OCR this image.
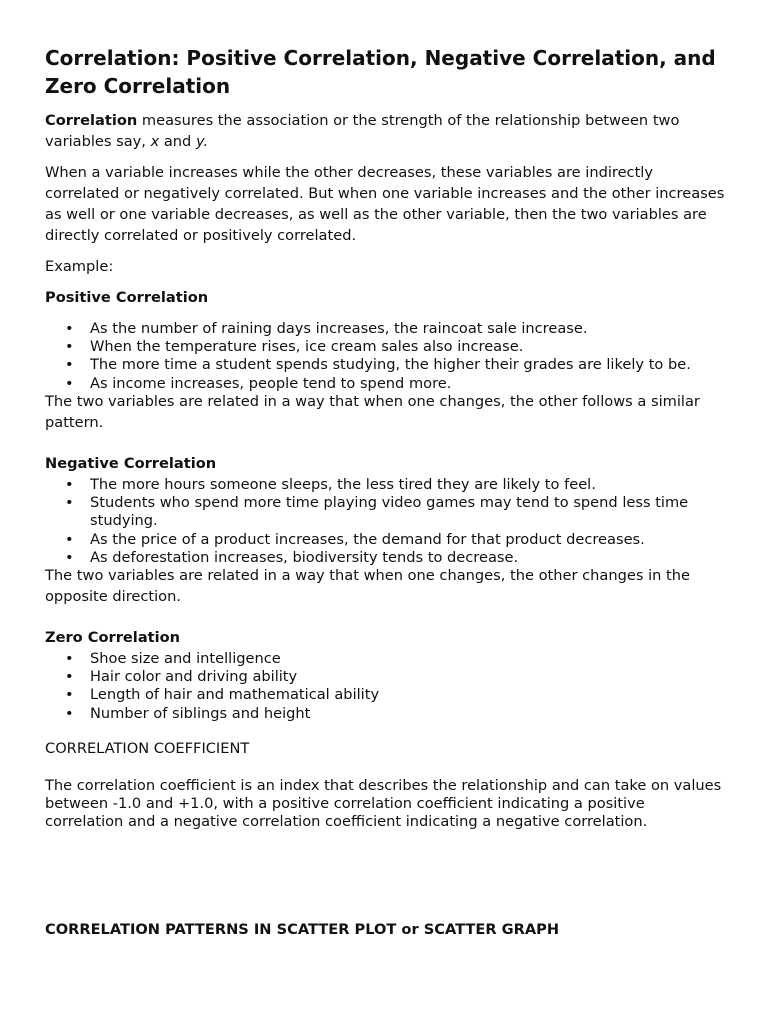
Correlation: Positive Correlation, Negative Correlation, and Zero Correlation

Correlation measures the association or the strength of the relationship between two variables say, x and y.

When a variable increases while the other decreases, these variables are indirectly correlated or negatively correlated. But when one variable increases and the other increases as well or one variable decreases, as well as the other variable, then the two variables are directly correlated or positively correlated.

Example:

Positive Correlation
• As the number of raining days increases, the raincoat sale increase.
• When the temperature rises, ice cream sales also increase.
• The more time a student spends studying, the higher their grades are likely to be.
• As income increases, people tend to spend more.

The two variables are related in a way that when one changes, the other follows a similar pattern.

Negative Correlation
• The more hours someone sleeps, the less tired they are likely to feel.
• Students who spend more time playing video games may tend to spend less time studying.
• As the price of a product increases, the demand for that product decreases.
• As deforestation increases, biodiversity tends to decrease.

The two variables are related in a way that when one changes, the other changes in the opposite direction.

Zero Correlation
• Shoe size and intelligence
• Hair color and driving ability
• Length of hair and mathematical ability
• Number of siblings and height
CORRELATION COEFFICIENT

The correlation coefficient is an index that describes the relationship and can take on values between -1.0 and +1.0, with a positive correlation coefficient indicating a positive correlation and a negative correlation coefficient indicating a negative correlation.

CORRELATION PATTERNS IN SCATTER PLOT or SCATTER GRAPH
